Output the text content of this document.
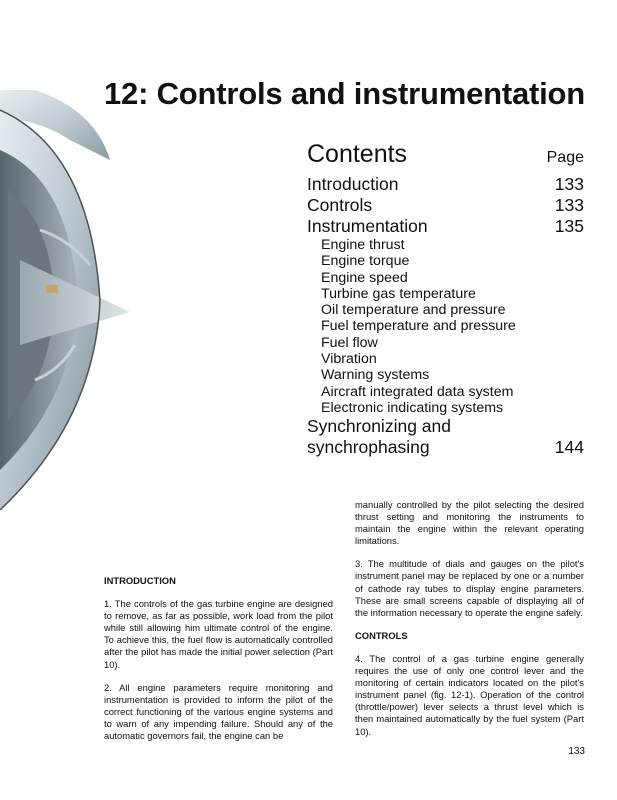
12: Controls and instrumentation
Contents	Page
Introduction	133
Controls	133
Instrumentation	135
Engine thrust
Engine torque
Engine speed
Turbine gas temperature
Oil temperature and pressure
Fuel temperature and pressure
Fuel flow
Vibration
Warning systems
Aircraft integrated data system
Electronic indicating systems
Synchronizing and
synchrophasing	144

INTRODUCTION

1. The controls of the gas turbine engine are designed to remove, as far as possible, work load from the pilot while still allowing him ultimate control of the engine. To achieve this, the fuel flow is automatically controlled after the pilot has made the initial power selection (Part 10).

2. All engine parameters require monitoring and instrumentation is provided to inform the pilot of the correct functioning of the various engine systems and to warn of any impending failure. Should any of the automatic governors fail, the engine can be

manually controlled by the pilot selecting the desired thrust setting and monitoring the instruments to maintain the engine within the relevant operating limitations.

3. The multitude of dials and gauges on the pilot's instrument panel may be replaced by one or a number of cathode ray tubes to display engine parameters. These are small screens capable of displaying all of the information necessary to operate the engine safely.

CONTROLS

4. The control of a gas turbine engine generally requires the use of only one control lever and the monitoring of certain indicators located on the pilot's instrument panel (fig. 12-1). Operation of the control (throttle/power) lever selects a thrust level which is then maintained automatically by the fuel system (Part 10).

133
